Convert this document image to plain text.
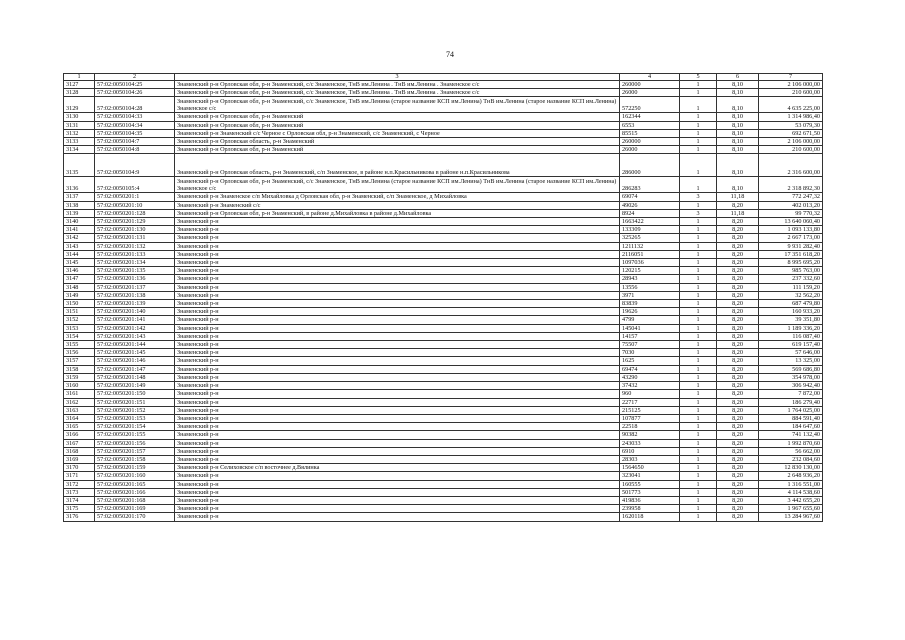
74
1	2	3	4	5	6	7
3127	57:02:0050104:25	Знаменский р-н Орловская обл, р-н Знаменский, с/с Знаменское, ТнВ им.Ленина . ТнВ им.Ленина . Знаменское с/с	260000	1	8,10	2 106 000,00
3128	57:02:0050104:26	Знаменский р-н Орловская обл, р-н Знаменский, с/с Знаменское, ТнВ им.Ленина . ТнВ им.Ленина . Знаменское с/с	26000	1	8,10	210 600,00
3129	57:02:0050104:28	Знаменский р-н Орловская обл, р-н Знаменский, с/с Знаменское, ТнВ им.Ленина (старое название КСП им.Ленина) ТнВ им.Ленина (старое название КСП им.Ленина) Знаменское с/с	572250	1	8,10	4 635 225,00
3130	57:02:0050104:33	Знаменский р-н Орловская обл, р-н Знаменский	162344	1	8,10	1 314 986,40
3131	57:02:0050104:34	Знаменский р-н Орловская обл, р-н Знаменский	6553	1	8,10	53 079,30
3132	57:02:0050104:35	Знаменский р-н Знаменский с/с Черное с Орловская обл, р-н Знаменский, с/с Знаменский, с Черное	85515	1	8,10	692 671,50
3133	57:02:0050104:7	Знаменский р-н Орловская область, р-н Знаменский	260000	1	8,10	2 106 000,00
3134	57:02:0050104:8	Знаменский р-н Орловская обл, р-н Знаменский	26000	1	8,10	210 600,00
3135	57:02:0050104:9	Знаменский р-н Орловская область, р-н Знаменский, с/п Знаменское, в районе н.п.Красильникова в районе н.п.Красильникова	286000	1	8,10	2 316 600,00
3136	57:02:0050105:4	Знаменский р-н Орловская обл, р-н Знаменский, с/с Знаменское, ТнВ им.Ленина (старое название КСП им.Ленина) ТнВ им.Ленина (старое название КСП им.Ленина) Знаменское с/с	286283	1	8,10	2 318 892,30
3137	57:02:0050201:1	Знаменский р-н Знаменское с/п Михайловка д Орловская обл, р-н Знаменский, с/п Знаменское, д Михайловка	69074	3	11,18	772 247,32
3138	57:02:0050201:10	Знаменский р-н Знаменский с/с	49026	1	8,20	402 013,20
3139	57:02:0050201:128	Знаменский р-н Орловская обл, р-н Знаменский, в районе д.Михайловка в районе д.Михайловка	8924	3	11,18	99 770,32
3140	57:02:0050201:129	Знаменский р-н	1663422	1	8,20	13 640 060,40
3141	57:02:0050201:130	Знаменский р-н	133309	1	8,20	1 093 133,80
3142	57:02:0050201:131	Знаменский р-н	325265	1	8,20	2 667 173,00
3143	57:02:0050201:132	Знаменский р-н	1211132	1	8,20	9 931 282,40
3144	57:02:0050201:133	Знаменский р-н	2116051	1	8,20	17 351 618,20
3145	57:02:0050201:134	Знаменский р-н	1097036	1	8,20	8 995 695,20
3146	57:02:0050201:135	Знаменский р-н	120215	1	8,20	985 763,00
3147	57:02:0050201:136	Знаменский р-н	28943	1	8,20	237 332,60
3148	57:02:0050201:137	Знаменский р-н	13556	1	8,20	111 159,20
3149	57:02:0050201:138	Знаменский р-н	3971	1	8,20	32 562,20
3150	57:02:0050201:139	Знаменский р-н	83839	1	8,20	687 479,80
3151	57:02:0050201:140	Знаменский р-н	19626	1	8,20	160 933,20
3152	57:02:0050201:141	Знаменский р-н	4799	1	8,20	39 351,80
3153	57:02:0050201:142	Знаменский р-н	145041	1	8,20	1 189 336,20
3154	57:02:0050201:143	Знаменский р-н	14157	1	8,20	116 087,40
3155	57:02:0050201:144	Знаменский р-н	75507	1	8,20	619 157,40
3156	57:02:0050201:145	Знаменский р-н	7030	1	8,20	57 646,00
3157	57:02:0050201:146	Знаменский р-н	1625	1	8,20	13 325,00
3158	57:02:0050201:147	Знаменский р-н	69474	1	8,20	569 686,80
3159	57:02:0050201:148	Знаменский р-н	43290	1	8,20	354 978,00
3160	57:02:0050201:149	Знаменский р-н	37432	1	8,20	306 942,40
3161	57:02:0050201:150	Знаменский р-н	960	1	8,20	7 872,00
3162	57:02:0050201:151	Знаменский р-н	22717	1	8,20	186 279,40
3163	57:02:0050201:152	Знаменский р-н	215125	1	8,20	1 764 025,00
3164	57:02:0050201:153	Знаменский р-н	107877	1	8,20	884 591,40
3165	57:02:0050201:154	Знаменский р-н	22518	1	8,20	184 647,60
3166	57:02:0050201:155	Знаменский р-н	90382	1	8,20	741 132,40
3167	57:02:0050201:156	Знаменский р-н	243033	1	8,20	1 992 870,60
3168	57:02:0050201:157	Знаменский р-н	6910	1	8,20	56 662,00
3169	57:02:0050201:158	Знаменский р-н	28303	1	8,20	232 084,60
3170	57:02:0050201:159	Знаменский р-н Селиховское с/п восточнее д.Вялинка	1564650	1	8,20	12 830 130,00
3171	57:02:0050201:160	Знаменский р-н	323041	1	8,20	2 648 936,20
3172	57:02:0050201:165	Знаменский р-н	160555	1	8,20	1 316 551,00
3173	57:02:0050201:166	Знаменский р-н	501773	1	8,20	4 114 538,60
3174	57:02:0050201:168	Знаменский р-н	419836	1	8,20	3 442 655,20
3175	57:02:0050201:169	Знаменский р-н	239958	1	8,20	1 967 655,60
3176	57:02:0050201:170	Знаменский р-н	1620118	1	8,20	13 284 967,60
